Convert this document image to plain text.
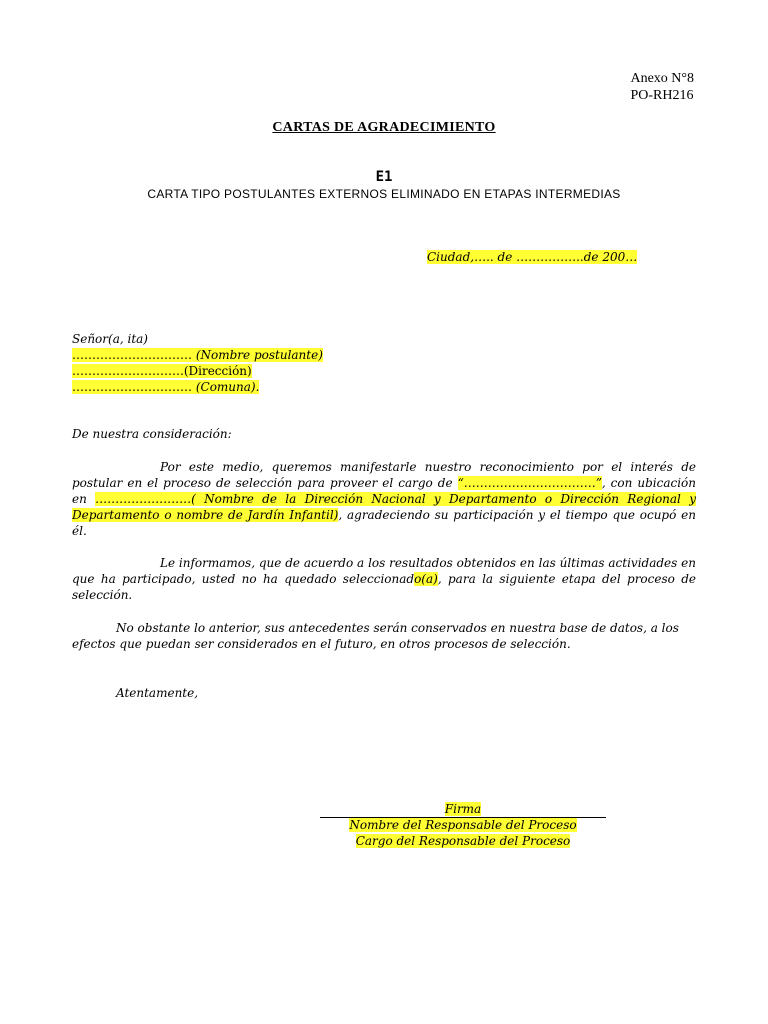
Anexo N°8
PO-RH216
CARTAS DE AGRADECIMIENTO
E1
CARTA TIPO POSTULANTES EXTERNOS ELIMINADO EN ETAPAS INTERMEDIAS
Ciudad,….. de ……………..de 200…
Señor(a, ita)
………………………… (Nombre postulante)
……………………….(Dirección)
………………………… (Comuna).
De nuestra consideración:
Por este medio, queremos manifestarle nuestro reconocimiento por el interés de postular en el proceso de selección para proveer el cargo de “……………………………”, con ubicación en ……………………( Nombre de la Dirección Nacional y Departamento o Dirección Regional y Departamento o nombre de Jardín Infantil), agradeciendo su participación y el tiempo que ocupó en él.
Le informamos, que de acuerdo a los resultados obtenidos en las últimas actividades en que ha participado, usted no ha quedado seleccionado(a), para la siguiente etapa del proceso de selección.
No obstante lo anterior, sus antecedentes serán conservados en nuestra base de datos, a los efectos que puedan ser considerados en el futuro, en otros procesos de selección.
Atentamente,
Firma
Nombre del Responsable del Proceso
Cargo del Responsable del Proceso
